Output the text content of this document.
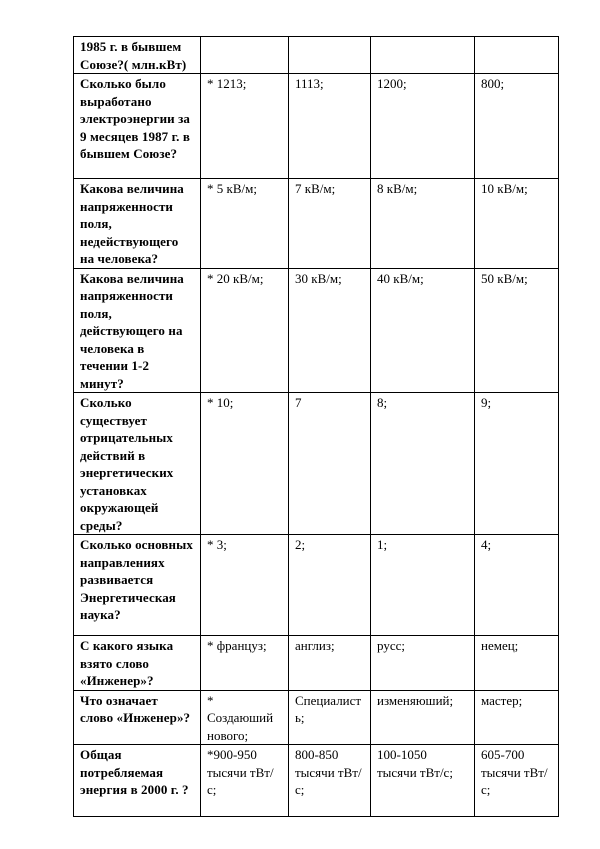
1985 г. в бывшем Союзе?( млн.кВт)				
Сколько было выработано электроэнергии за 9 месяцев 1987 г. в бывшем Союзе?	* 1213;	1113;	1200;	800;
Какова величина напряженности поля, недействующего на человека?	* 5 кВ/м;	7 кВ/м;	8 кВ/м;	10 кВ/м;
Какова величина напряженности поля, действующего на человека в течении 1-2 минут?	* 20 кВ/м;	30 кВ/м;	40 кВ/м;	50 кВ/м;
Сколько существует отрицательных действий в энергетических установках окружающей среды?	* 10;	7	8;	9;
Сколько основных направлениях развивается Энергетическая наука?	* 3;	2;	1;	4;
С какого языка взято слово «Инженер»?	* француз;	англиз;	русс;	немец;
Что означает слово «Инженер»?	* Создаюший нового;	Специалист ь;	изменяюший;	мастер;
Общая потребляемая энергия в 2000 г. ?	*900-950 тысячи тВт/с;	800-850 тысячи тВт/с;	100-1050 тысячи тВт/с;	605-700 тысячи тВт/с;
